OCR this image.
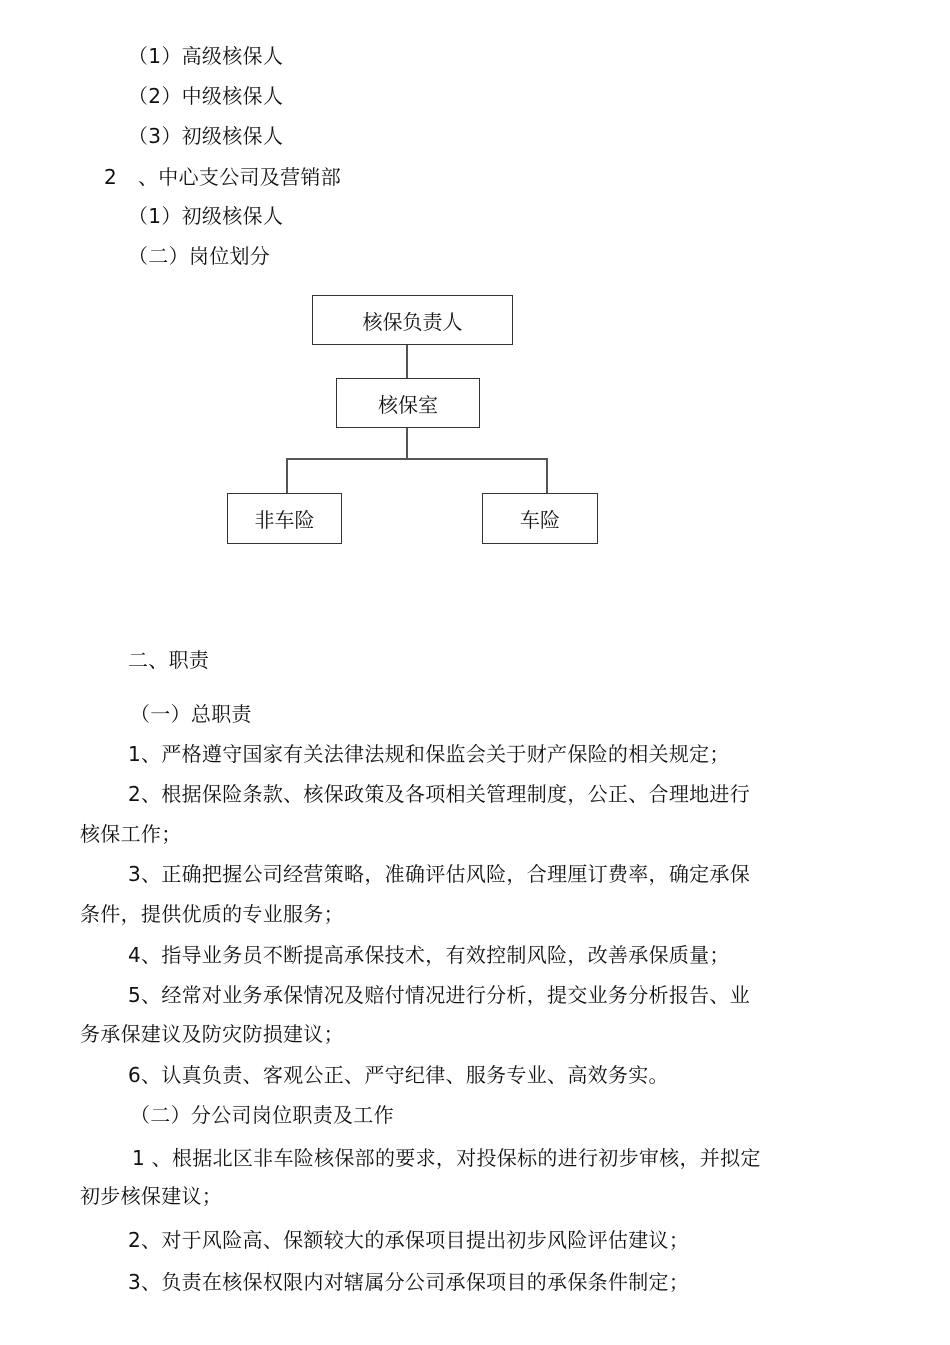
（1）高级核保人
（2）中级核保人
（3）初级核保人
2 、中心支公司及营销部
（1）初级核保人
（二）岗位划分
核保负责人
核保室
非车险	车险
二、职责
（一）总职责
1、严格遵守国家有关法律法规和保监会关于财产保险的相关规定；
2、根据保险条款、核保政策及各项相关管理制度，公正、合理地进行
核保工作；
3、正确把握公司经营策略，准确评估风险，合理厘订费率，确定承保
条件，提供优质的专业服务；
4、指导业务员不断提高承保技术，有效控制风险，改善承保质量；
5、经常对业务承保情况及赔付情况进行分析，提交业务分析报告、业
务承保建议及防灾防损建议；
6、认真负责、客观公正、严守纪律、服务专业、高效务实。
（二）分公司岗位职责及工作
1 、根据北区非车险核保部的要求，对投保标的进行初步审核，并拟定
初步核保建议；
2、对于风险高、保额较大的承保项目提出初步风险评估建议；
3、负责在核保权限内对辖属分公司承保项目的承保条件制定；
